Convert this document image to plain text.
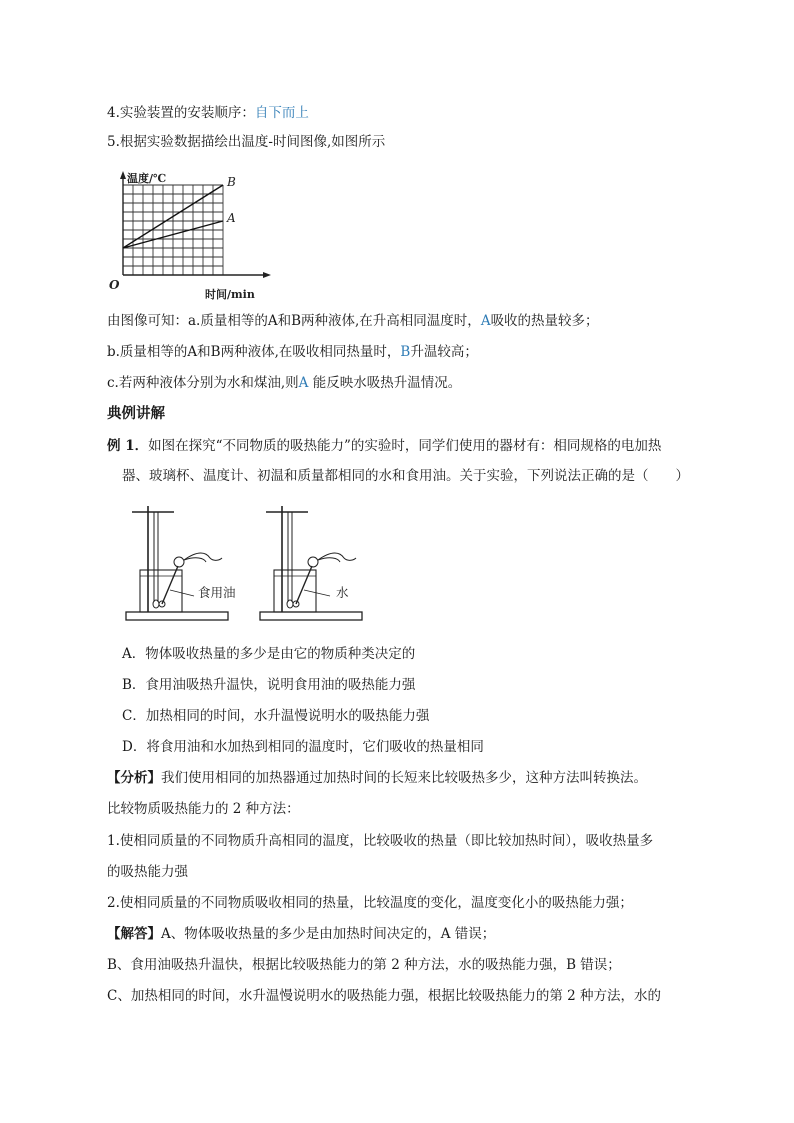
4.实验装置的安装顺序：自下而上
5.根据实验数据描绘出温度-时间图像,如图所示
B
A
温度/℃
时间/min
O
由图像可知：a.质量相等的A和B两种液体,在升高相同温度时，A吸收的热量较多；
b.质量相等的A和B两种液体,在吸收相同热量时，B升温较高；
c.若两种液体分别为水和煤油,则A 能反映水吸热升温情况。
典例讲解
例 1．如图在探究“不同物质的吸热能力”的实验时，同学们使用的器材有：相同规格的电加热
器、玻璃杯、温度计、初温和质量都相同的水和食用油。关于实验，下列说法正确的是（　　）
食用油	水
A．物体吸收热量的多少是由它的物质种类决定的
B．食用油吸热升温快，说明食用油的吸热能力强
C．加热相同的时间，水升温慢说明水的吸热能力强
D．将食用油和水加热到相同的温度时，它们吸收的热量相同
【分析】我们使用相同的加热器通过加热时间的长短来比较吸热多少，这种方法叫转换法。
比较物质吸热能力的 2 种方法：
1.使相同质量的不同物质升高相同的温度，比较吸收的热量（即比较加热时间），吸收热量多
的吸热能力强
2.使相同质量的不同物质吸收相同的热量，比较温度的变化，温度变化小的吸热能力强；
【解答】A、物体吸收热量的多少是由加热时间决定的，A 错误；
B、食用油吸热升温快，根据比较吸热能力的第 2 种方法，水的吸热能力强，B 错误；
C、加热相同的时间，水升温慢说明水的吸热能力强，根据比较吸热能力的第 2 种方法，水的
